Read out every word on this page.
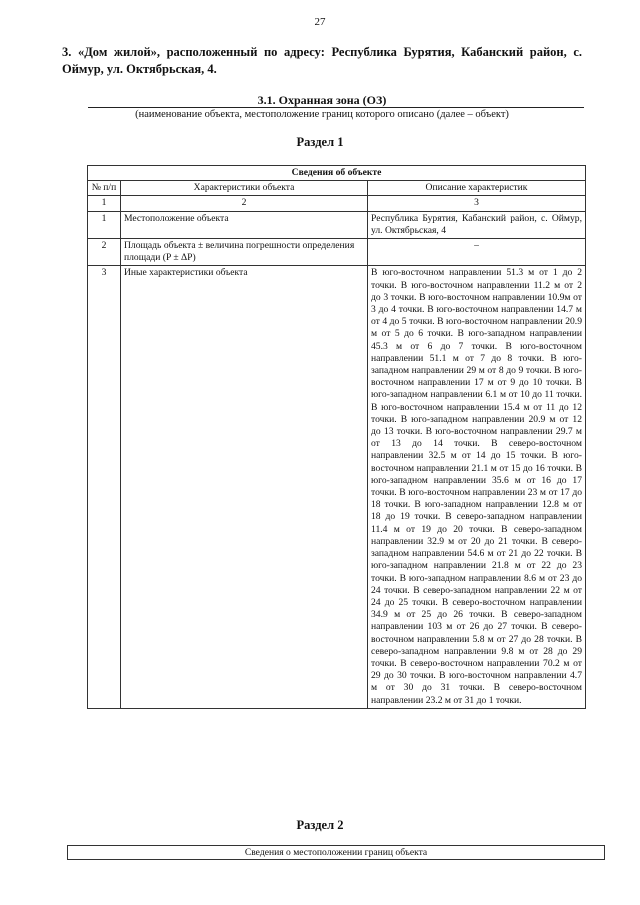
27
3. «Дом жилой», расположенный по адресу: Республика Бурятия, Кабанский район, с. Оймур, ул. Октябрьская, 4.
3.1. Охранная зона (ОЗ)
(наименование объекта, местоположение границ которого описано (далее – объект)
Раздел 1
Сведения об объекте		
№ п/п	Характеристики объекта	Описание характеристик
1	2	3
1	Местоположение объекта	Республика Бурятия, Кабанский район, с. Оймур, ул. Октябрьская, 4
2	Площадь объекта ± величина погрешности определения площади (P ± ΔP)	–
3	Иные характеристики объекта	В юго-восточном направлении 51.3 м от 1 до 2 точки. В юго-восточном направлении 11.2 м от 2 до 3 точки. В юго-восточном направлении 10.9м от 3 до 4 точки. В юго-восточном направлении 14.7 м от 4 до 5 точки. В юго-восточном направлении 20.9 м от 5 до 6 точки. В юго-западном направлении 45.3 м от 6 до 7 точки. В юго-восточном направлении 51.1 м от 7 до 8 точки. В юго-западном направлении 29 м от 8 до 9 точки. В юго-восточном направлении 17 м от 9 до 10 точки. В юго-западном направлении 6.1 м от 10 до 11 точки. В юго-восточном направлении 15.4 м от 11 до 12 точки. В юго-западном направлении 20.9 м от 12 до 13 точки. В юго-восточном направлении 29.7 м от 13 до 14 точки. В северо-восточном направлении 32.5 м от 14 до 15 точки. В юго-восточном направлении 21.1 м от 15 до 16 точки. В юго-западном направлении 35.6 м от 16 до 17 точки. В юго-восточном направлении 23 м от 17 до 18 точки. В юго-западном направлении 12.8 м от 18 до 19 точки. В северо-западном направлении 11.4 м от 19 до 20 точки. В северо-западном направлении 32.9 м от 20 до 21 точки. В северо-западном направлении 54.6 м от 21 до 22 точки. В юго-западном направлении 21.8 м от 22 до 23 точки. В юго-западном направлении 8.6 м от 23 до 24 точки. В северо-западном направлении 22 м от 24 до 25 точки. В северо-восточном направлении 34.9 м от 25 до 26 точки. В северо-западном направлении 103 м от 26 до 27 точки. В северо-восточном направлении 5.8 м от 27 до 28 точки. В северо-западном направлении 9.8 м от 28 до 29 точки. В северо-восточном направлении 70.2 м от 29 до 30 точки. В юго-восточном направлении 4.7 м от 30 до 31 точки. В северо-восточном направлении 23.2 м от 31 до 1 точки.
Раздел 2
Сведения о местоположении границ объекта
